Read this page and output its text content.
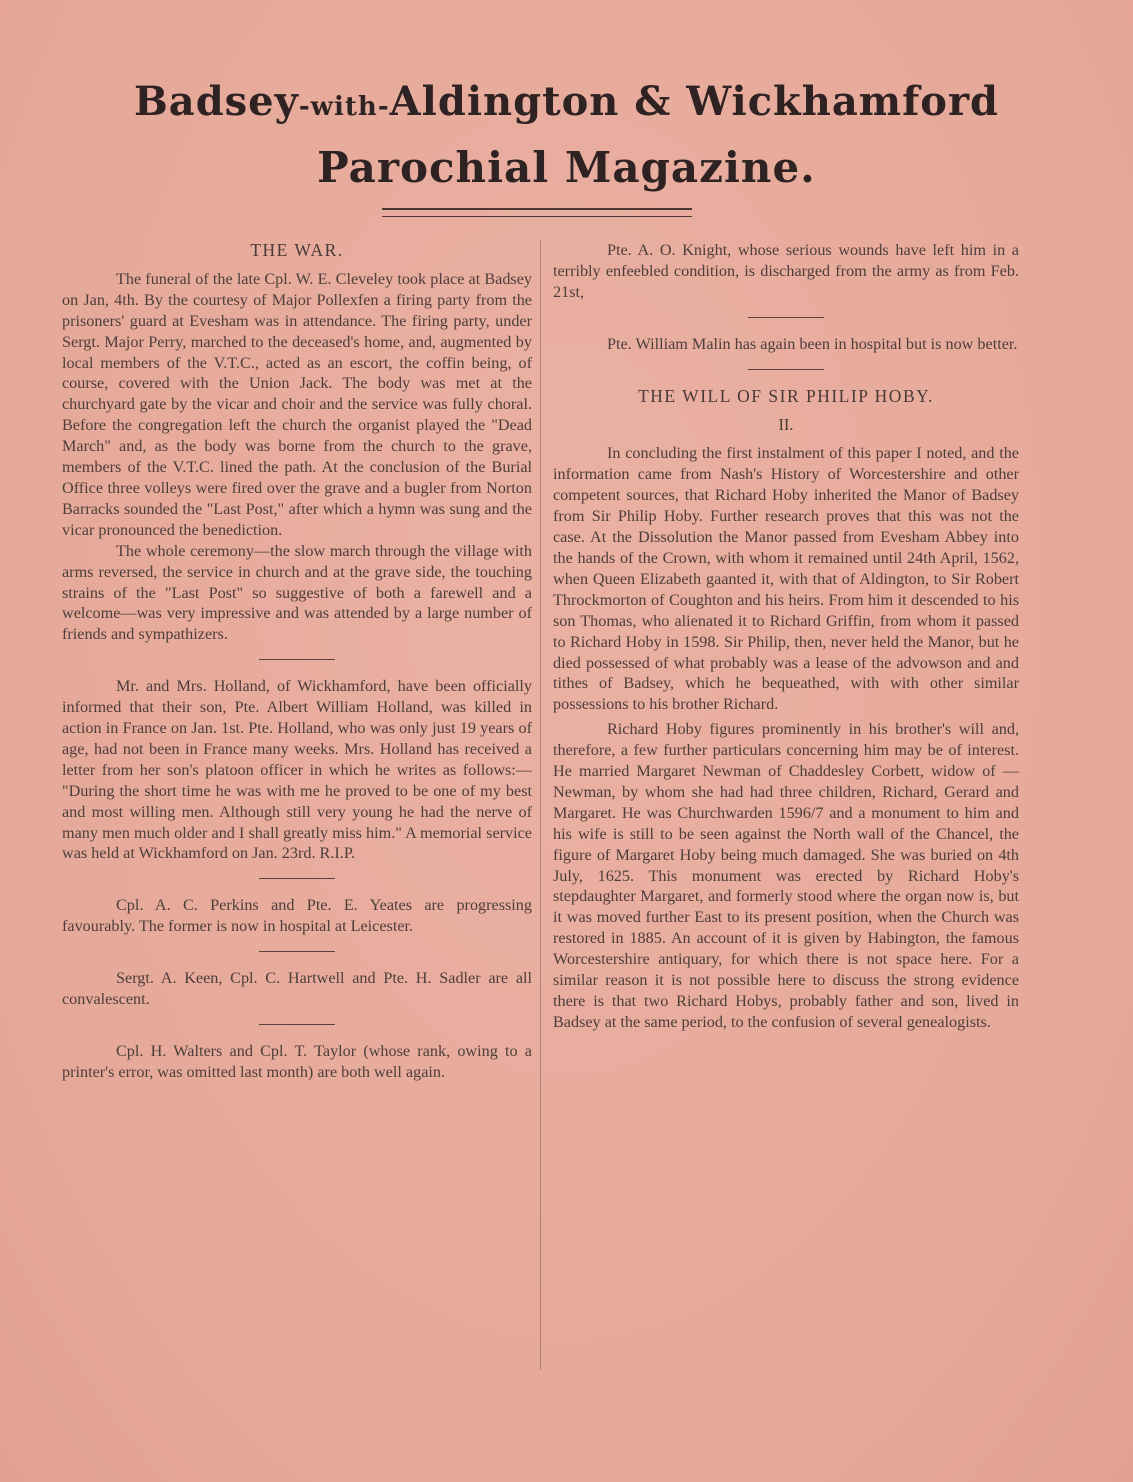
Badsey-with-Aldington & Wickhamford
Parochial Magazine.
THE WAR.

The funeral of the late Cpl. W. E. Cleveley took place at Badsey on Jan, 4th. By the courtesy of Major Pollexfen a firing party from the prisoners' guard at Evesham was in attendance. The firing party, under Sergt. Major Perry, marched to the deceased's home, and, augmented by local members of the V.T.C., acted as an escort, the coffin being, of course, covered with the Union Jack. The body was met at the churchyard gate by the vicar and choir and the service was fully choral. Before the congregation left the church the organist played the "Dead March" and, as the body was borne from the church to the grave, members of the V.T.C. lined the path. At the conclusion of the Burial Office three volleys were fired over the grave and a bugler from Norton Barracks sounded the "Last Post," after which a hymn was sung and the vicar pronounced the benediction.

The whole ceremony—the slow march through the village with arms reversed, the service in church and at the grave side, the touching strains of the "Last Post" so suggestive of both a farewell and a welcome—was very impressive and was attended by a large number of friends and sympathizers.

Mr. and Mrs. Holland, of Wickhamford, have been officially informed that their son, Pte. Albert William Holland, was killed in action in France on Jan. 1st. Pte. Holland, who was only just 19 years of age, had not been in France many weeks. Mrs. Holland has received a letter from her son's platoon officer in which he writes as follows:— "During the short time he was with me he proved to be one of my best and most willing men. Although still very young he had the nerve of many men much older and I shall greatly miss him." A memorial service was held at Wickhamford on Jan. 23rd. R.I.P.

Cpl. A. C. Perkins and Pte. E. Yeates are progressing favourably. The former is now in hospital at Leicester.

Sergt. A. Keen, Cpl. C. Hartwell and Pte. H. Sadler are all convalescent.

Cpl. H. Walters and Cpl. T. Taylor (whose rank, owing to a printer's error, was omitted last month) are both well again.

Pte. A. O. Knight, whose serious wounds have left him in a terribly enfeebled condition, is discharged from the army as from Feb. 21st,

Pte. William Malin has again been in hospital but is now better.

THE WILL OF SIR PHILIP HOBY.
II.

In concluding the first instalment of this paper I noted, and the information came from Nash's History of Worcestershire and other competent sources, that Richard Hoby inherited the Manor of Badsey from Sir Philip Hoby. Further research proves that this was not the case. At the Dissolution the Manor passed from Evesham Abbey into the hands of the Crown, with whom it remained until 24th April, 1562, when Queen Elizabeth gaanted it, with that of Aldington, to Sir Robert Throckmorton of Coughton and his heirs. From him it descended to his son Thomas, who alienated it to Richard Griffin, from whom it passed to Richard Hoby in 1598. Sir Philip, then, never held the Manor, but he died possessed of what probably was a lease of the advowson and and tithes of Badsey, which he bequeathed, with with other similar possessions to his brother Richard.

Richard Hoby figures prominently in his brother's will and, therefore, a few further particulars concerning him may be of interest. He married Margaret Newman of Chaddesley Corbett, widow of — Newman, by whom she had had three children, Richard, Gerard and Margaret. He was Churchwarden 1596/7 and a monument to him and his wife is still to be seen against the North wall of the Chancel, the figure of Margaret Hoby being much damaged. She was buried on 4th July, 1625. This monument was erected by Richard Hoby's stepdaughter Margaret, and formerly stood where the organ now is, but it was moved further East to its present position, when the Church was restored in 1885. An account of it is given by Habington, the famous Worcestershire antiquary, for which there is not space here. For a similar reason it is not possible here to discuss the strong evidence there is that two Richard Hobys, probably father and son, lived in Badsey at the same period, to the confusion of several genealogists.
